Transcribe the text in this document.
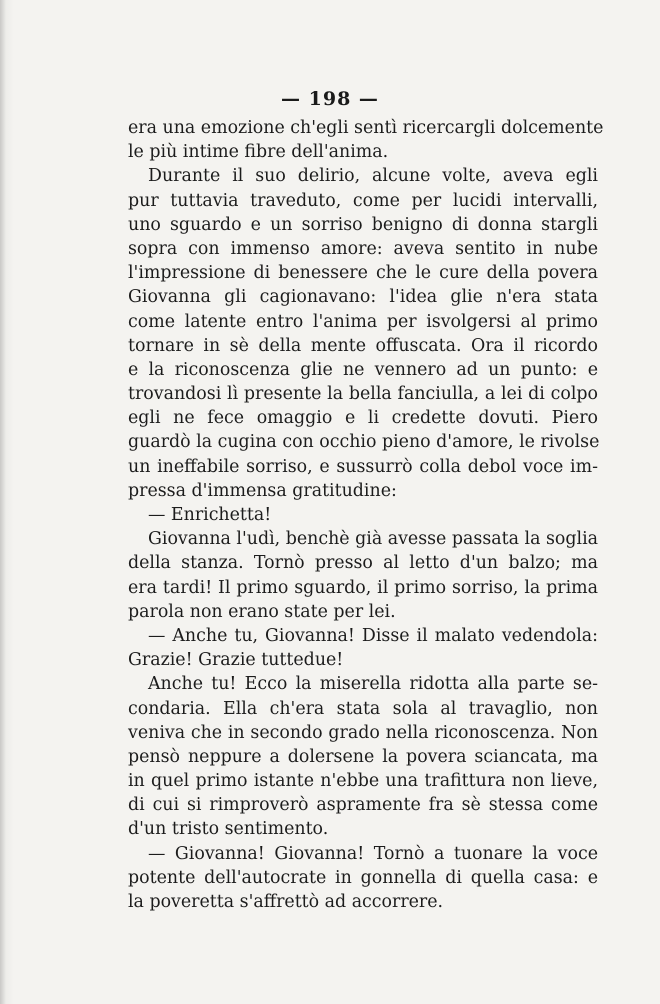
— 198 —
era una emozione ch'egli sentì ricercargli dolcemente
le più intime fibre dell'anima.
Durante il suo delirio, alcune volte, aveva egli
pur tuttavia traveduto, come per lucidi intervalli,
uno sguardo e un sorriso benigno di donna stargli
sopra con immenso amore: aveva sentito in nube
l'impressione di benessere che le cure della povera
Giovanna gli cagionavano: l'idea glie n'era stata
come latente entro l'anima per isvolgersi al primo
tornare in sè della mente offuscata. Ora il ricordo
e la riconoscenza glie ne vennero ad un punto: e
trovandosi lì presente la bella fanciulla, a lei di colpo
egli ne fece omaggio e li credette dovuti. Piero
guardò la cugina con occhio pieno d'amore, le rivolse
un ineffabile sorriso, e sussurrò colla debol voce im-
pressa d'immensa gratitudine:
— Enrichetta!
Giovanna l'udì, benchè già avesse passata la soglia
della stanza. Tornò presso al letto d'un balzo; ma
era tardi! Il primo sguardo, il primo sorriso, la prima
parola non erano state per lei.
— Anche tu, Giovanna! Disse il malato vedendola:
Grazie! Grazie tuttedue!
Anche tu! Ecco la miserella ridotta alla parte se-
condaria. Ella ch'era stata sola al travaglio, non
veniva che in secondo grado nella riconoscenza. Non
pensò neppure a dolersene la povera sciancata, ma
in quel primo istante n'ebbe una trafittura non lieve,
di cui si rimproverò aspramente fra sè stessa come
d'un tristo sentimento.
— Giovanna! Giovanna! Tornò a tuonare la voce
potente dell'autocrate in gonnella di quella casa: e
la poveretta s'affrettò ad accorrere.
